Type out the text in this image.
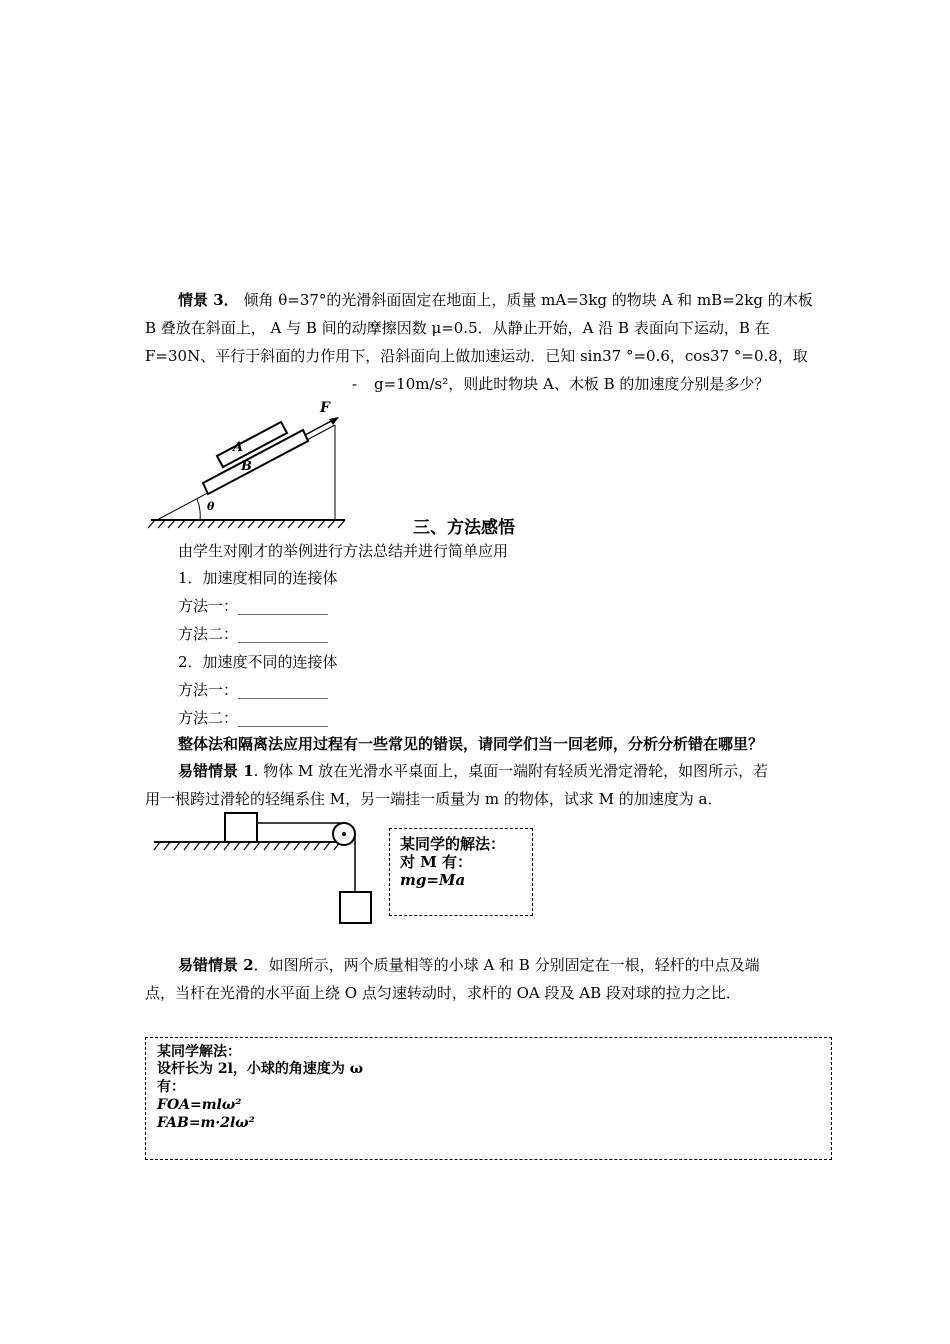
情景 3． 倾角 θ=37°的光滑斜面固定在地面上，质量 mA=3kg 的物块 A 和 mB=2kg 的木板
B 叠放在斜面上， A 与 B 间的动摩擦因数 μ=0.5．从静止开始，A 沿 B 表面向下运动，B 在
F=30N、平行于斜面的力作用下，沿斜面向上做加速运动．已知 sin37 °=0.6，cos37 °=0.8，取
- g=10m/s²，则此时物块 A、木板 B 的加速度分别是多少？
F
A
B
θ
三、方法感悟
由学生对刚才的举例进行方法总结并进行简单应用
1．加速度相同的连接体
方法一：____________
方法二：____________
2．加速度不同的连接体
方法一：____________
方法二：____________
整体法和隔离法应用过程有一些常见的错误，请同学们当一回老师，分析分析错在哪里？
易错情景 1. 物体 M 放在光滑水平桌面上，桌面一端附有轻质光滑定滑轮，如图所示，若
用一根跨过滑轮的轻绳系住 M，另一端挂一质量为 m 的物体，试求 M 的加速度为 a．
某同学的解法：
对 M 有：
mg=Ma
易错情景 2．如图所示，两个质量相等的小球 A 和 B 分别固定在一根，轻杆的中点及端
点，当杆在光滑的水平面上绕 O 点匀速转动时，求杆的 OA 段及 AB 段对球的拉力之比．
某同学解法：
设杆长为 2l，小球的角速度为 ω
有：
FOA=mlω²
FAB=m·2lω²
